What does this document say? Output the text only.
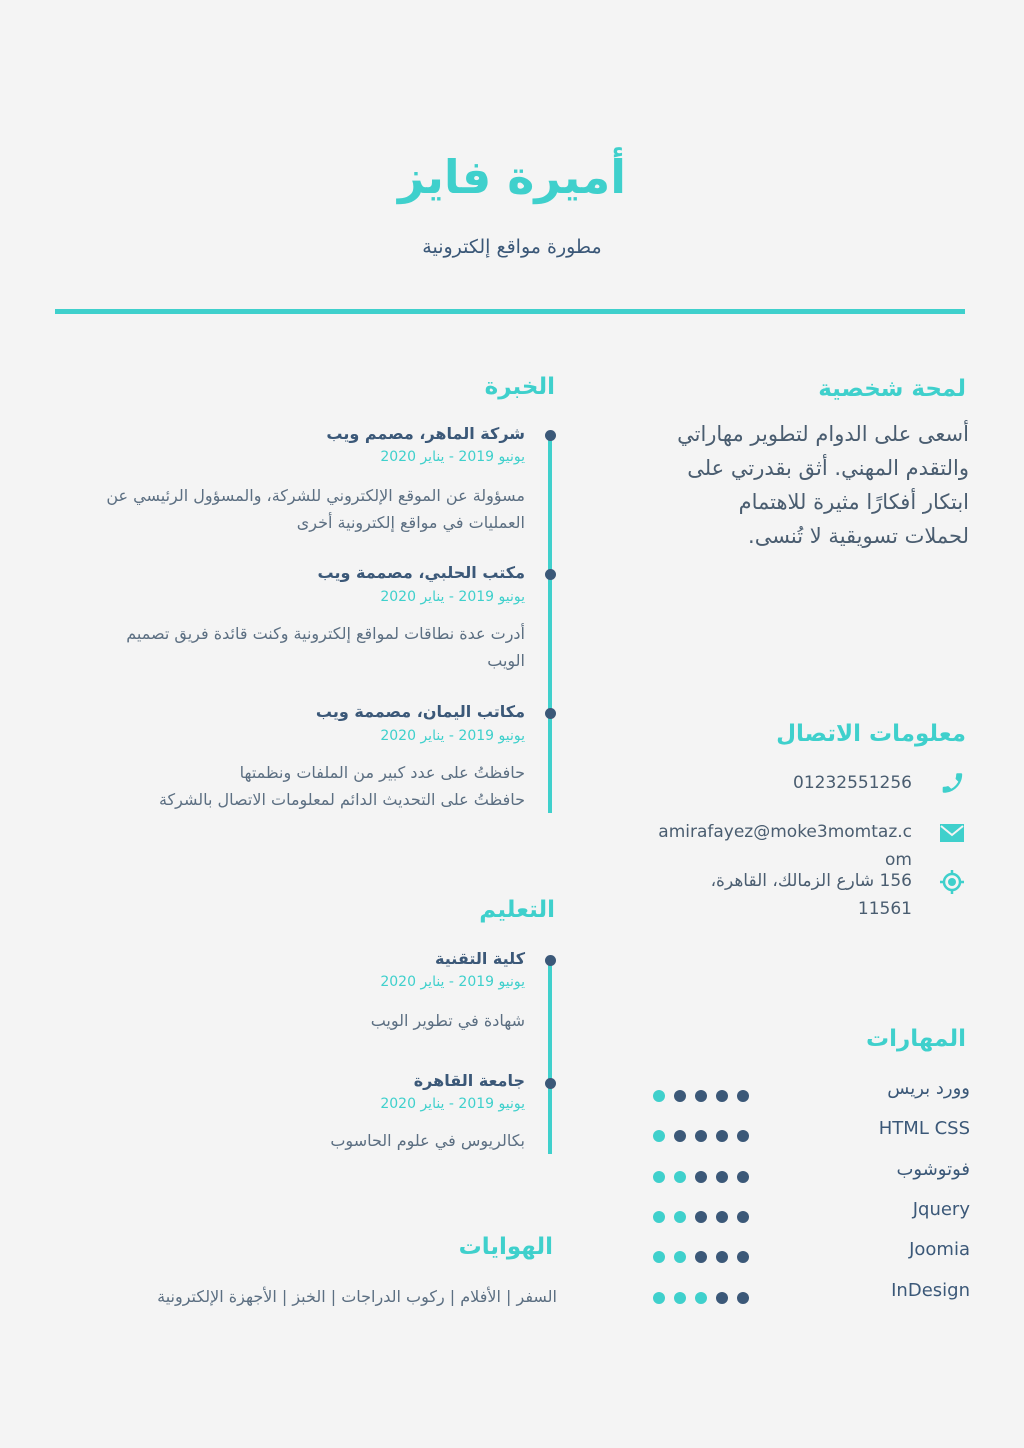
أميرة فايز
مطورة مواقع إلكترونية
لمحة شخصية
أسعى على الدوام لتطوير مهاراتي
والتقدم المهني. أثق بقدرتي على
ابتكار أفكارًا مثيرة للاهتمام
لحملات تسويقية لا تُنسى.
معلومات الاتصال
01232551256
amirafayez@moke3momtaz.c
om
156 شارع الزمالك، القاهرة،
11561
المهارات
وورد بريس
HTML CSS
فوتوشوب
Jquery
Joomia
InDesign
الخبرة
شركة الماهر، مصمم ويب
يونيو 2019 - يناير 2020
مسؤولة عن الموقع الإلكتروني للشركة، والمسؤول الرئيسي عن
العمليات في مواقع إلكترونية أخرى
مكتب الحلبي، مصممة ويب
يونيو 2019 - يناير 2020
أدرت عدة نطاقات لمواقع إلكترونية وكنت قائدة فريق تصميم
الويب
مكاتب اليمان، مصممة ويب
يونيو 2019 - يناير 2020
حافظتُ على عدد كبير من الملفات ونظمتها
حافظتُ على التحديث الدائم لمعلومات الاتصال بالشركة
التعليم
كلية التقنية
يونيو 2019 - يناير 2020
شهادة في تطوير الويب
جامعة القاهرة
يونيو 2019 - يناير 2020
بكالريوس في علوم الحاسوب
الهوايات
السفر | الأفلام | ركوب الدراجات | الخبز | الأجهزة الإلكترونية
